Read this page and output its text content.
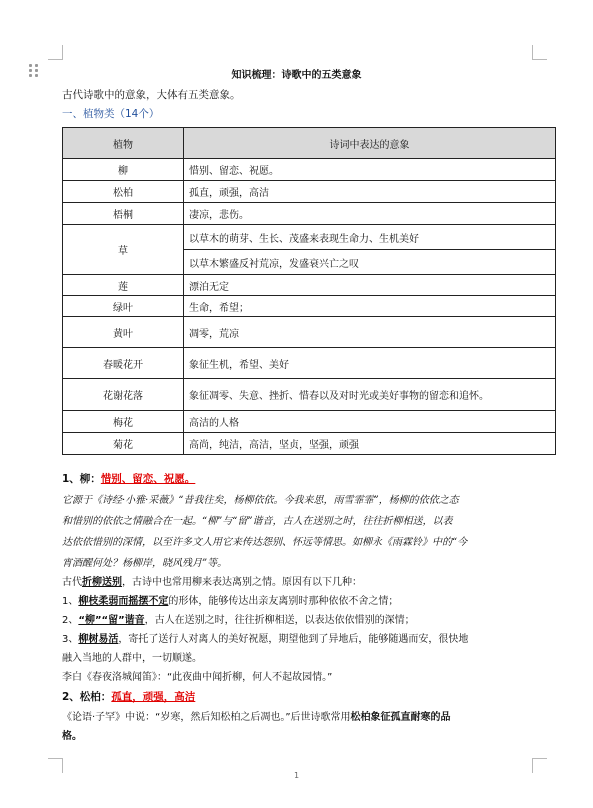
知识梳理：诗歌中的五类意象
古代诗歌中的意象，大体有五类意象。
一、植物类（14个）
植物	诗词中表达的意象
柳	惜别、留恋、祝愿。
松柏	孤直，顽强，高洁
梧桐	凄凉，悲伤。
草	以草木的萌芽、生长、茂盛来表现生命力、生机美好
	以草木繁盛反衬荒凉，发盛衰兴亡之叹
莲	漂泊无定
绿叶	生命，希望；
黄叶	凋零，荒凉
春暖花开	象征生机，希望、美好
花谢花落	象征凋零、失意、挫折、惜春以及对时光或美好事物的留恋和追怀。
梅花	高洁的人格
菊花	高尚，纯洁，高洁，坚贞，坚强，顽强
1、柳：惜别、留恋、祝愿。
它源于《诗经·小雅·采薇》“昔我往矣，杨柳依依。今我来思，雨雪霏霏”，杨柳的依依之态
和惜别的依依之情融合在一起。“柳”与“留”谐音，古人在送别之时，往往折柳相送，以表
达依依惜别的深情，以至许多文人用它来传达怨别、怀远等情思。如柳永《雨霖铃》中的“今
宵酒醒何处？杨柳岸，晓风残月”等。
古代折柳送别，古诗中也常用柳来表达离别之情。原因有以下几种：
1、柳枝柔弱而摇摆不定的形体，能够传达出亲友离别时那种依依不舍之情；
2、“柳”“留”谐音，古人在送别之时，往往折柳相送，以表达依依惜别的深情；
3、柳树易活，寄托了送行人对离人的美好祝愿，期望他到了异地后，能够随遇而安，很快地
融入当地的人群中，一切顺遂。
李白《春夜洛城闻笛》：“此夜曲中闻折柳，何人不起故园情。”
2、松柏：孤直，顽强，高洁
《论语·子罕》中说：“岁寒，然后知松柏之后凋也。”后世诗歌常用松柏象征孤直耐寒的品
格。
1
